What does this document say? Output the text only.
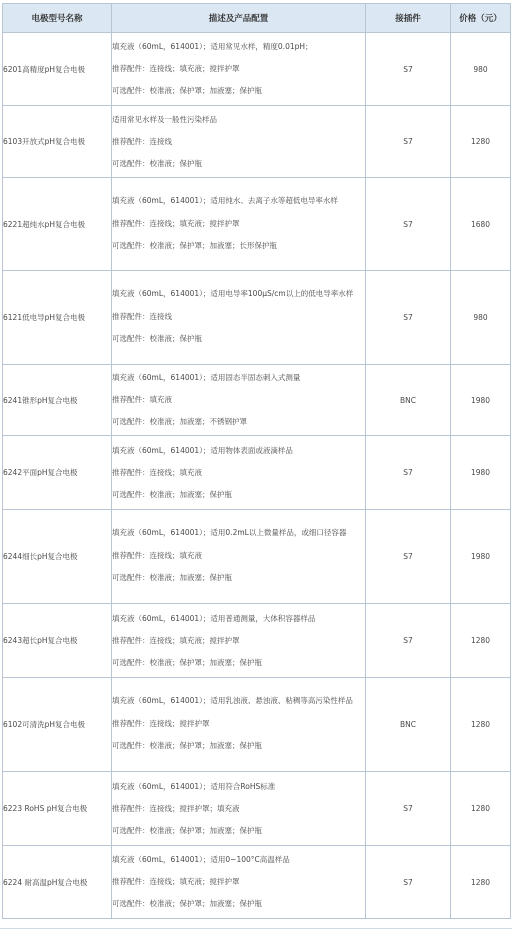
电极型号名称	描述及产品配置	接插件	价格（元）
6201高精度pH复合电极	填充液（60mL，614001）；适用常见水样，精度0.01pH；
推荐配件：连接线；填充液；搅拌护罩
可选配件：校准液；保护罩；加液塞；保护瓶	S7	980
6103开放式pH复合电极	适用常见水样及一般性污染样品
推荐配件：连接线
可选配件：校准液；保护瓶	S7	1280
6221超纯水pH复合电极	填充液（60mL，614001）；适用纯水、去离子水等超低电导率水样
推荐配件：连接线；填充液；搅拌护罩
可选配件：校准液；保护罩；加液塞；长形保护瓶	S7	1680
6121低电导pH复合电极	填充液（60mL，614001）；适用电导率100μS/cm以上的低电导率水样
推荐配件：连接线
可选配件：校准液；保护瓶	S7	980
6241锥形pH复合电极	填充液（60mL，614001）；适用固态半固态刺入式测量
推荐配件：填充液
可选配件：校准液；加液塞；不锈钢护罩	BNC	1980
6242平面pH复合电极	填充液（60mL，614001）；适用物体表面或液滴样品
推荐配件：连接线；填充液
可选配件：校准液；加液塞；保护瓶	S7	1980
6244细长pH复合电极	填充液（60mL，614001）；适用0.2mL以上微量样品，或细口径容器
推荐配件：连接线；填充液
可选配件：校准液；加液塞；保护瓶	S7	1980
6243超长pH复合电极	填充液（60mL，614001）；适用普通测量，大体积容器样品
推荐配件：连接线；填充液；搅拌护罩
可选配件：校准液；保护罩；加液塞；保护瓶	S7	1280
6102可清洗pH复合电极	填充液（60mL，614001）；适用乳浊液、悬浊液、粘稠等高污染性样品
推荐配件：连接线；搅拌护罩
可选配件：校准液；保护罩；加液塞；保护瓶	BNC	1280
6223 RoHS pH复合电极	填充液（60mL，614001）；适用符合RoHS标准
推荐配件：连接线；搅拌护罩；填充液
可选配件：校准液；保护罩；加液塞；保护瓶	S7	1280
6224 耐高温pH复合电极	填充液（60mL，614001）；适用0~100°C高温样品
推荐配件：连接线；填充液；搅拌护罩
可选配件：校准液；保护罩；加液塞；保护瓶	S7	1280
